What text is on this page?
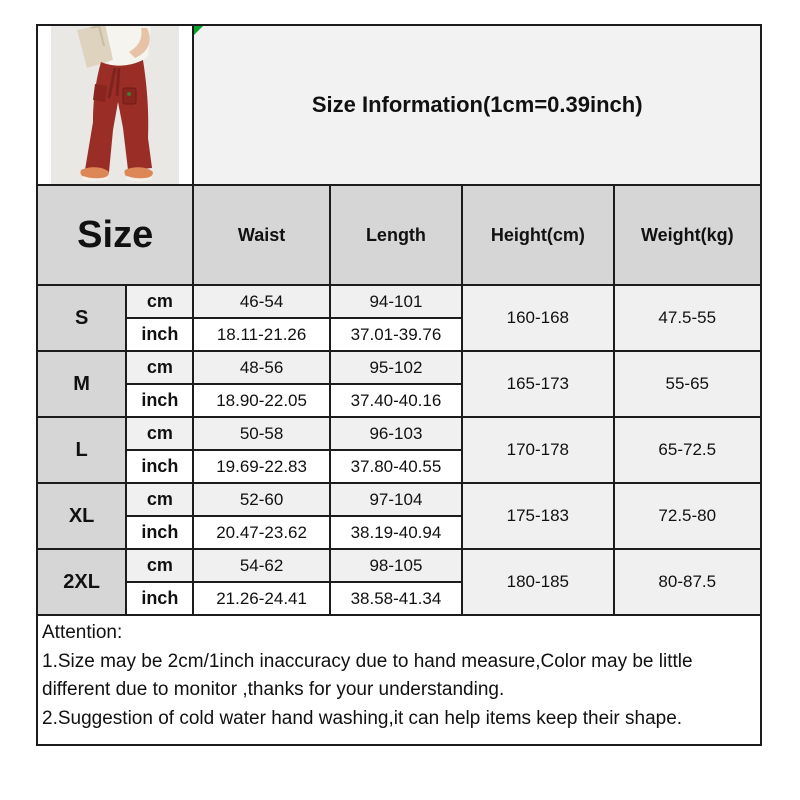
Size Information(1cm=0.39inch)			
Size		Waist	Length	Height(cm)	Weight(kg)
S	cm	46-54	94-101	160-168	47.5-55
	inch	18.11-21.26	37.01-39.76		
M	cm	48-56	95-102	165-173	55-65
	inch	18.90-22.05	37.40-40.16		
L	cm	50-58	96-103	170-178	65-72.5
	inch	19.69-22.83	37.80-40.55		
XL	cm	52-60	97-104	175-183	72.5-80
	inch	20.47-23.62	38.19-40.94		
2XL	cm	54-62	98-105	180-185	80-87.5
	inch	21.26-24.41	38.58-41.34		
Attention:
1.Size may be 2cm/1inch inaccuracy due to hand measure,Color may be little different due to monitor ,thanks for your understanding.
2.Suggestion of cold water hand washing,it can help items keep their shape.
